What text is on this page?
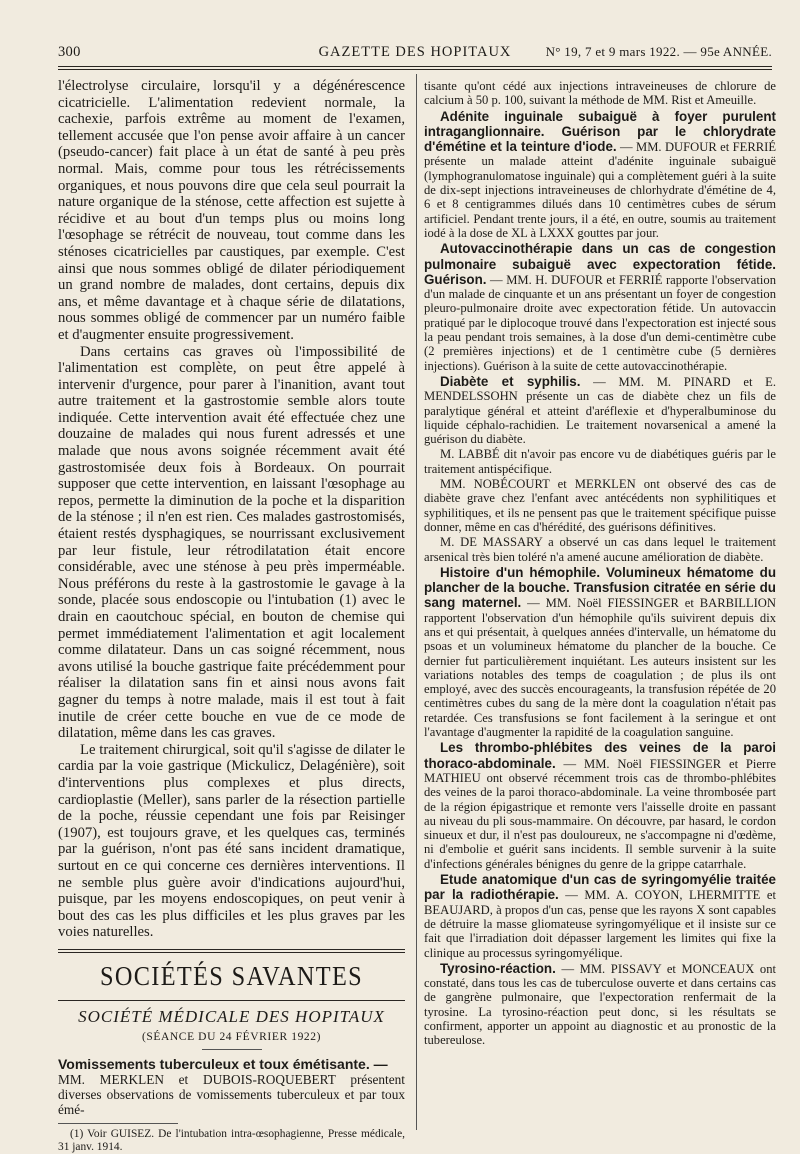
300	GAZETTE DES HOPITAUX	N° 19, 7 et 9 mars 1922. — 95e ANNÉE.

l'électrolyse circulaire, lorsqu'il y a dégénérescence cicatricielle. L'alimentation redevient normale, la cachexie, parfois extrême au moment de l'examen, tellement accusée que l'on pense avoir affaire à un cancer (pseudo-cancer) fait place à un état de santé à peu près normal. Mais, comme pour tous les rétrécissements organiques, et nous pouvons dire que cela seul pourrait la nature organique de la sténose, cette affection est sujette à récidive et au bout d'un temps plus ou moins long l'œsophage se rétrécit de nouveau, tout comme dans les sténoses cicatricielles par caustiques, par exemple. C'est ainsi que nous sommes obligé de dilater périodiquement un grand nombre de malades, dont certains, depuis dix ans, et même davantage et à chaque série de dilatations, nous sommes obligé de commencer par un numéro faible et d'augmenter ensuite progressivement.

Dans certains cas graves où l'impossibilité de l'alimentation est complète, on peut être appelé à intervenir d'urgence, pour parer à l'inanition, avant tout autre traitement et la gastrostomie semble alors toute indiquée. Cette intervention avait été effectuée chez une douzaine de malades qui nous furent adressés et une malade que nous avons soignée récemment avait été gastrostomisée deux fois à Bordeaux. On pourrait supposer que cette intervention, en laissant l'œsophage au repos, permette la diminution de la poche et la disparition de la sténose ; il n'en est rien. Ces malades gastrostomisés, étaient restés dysphagiques, se nourrissant exclusivement par leur fistule, leur rétrodilatation était encore considérable, avec une sténose à peu près imperméable. Nous préférons du reste à la gastrostomie le gavage à la sonde, placée sous endoscopie ou l'intubation (1) avec le drain en caoutchouc spécial, en bouton de chemise qui permet immédiatement l'alimentation et agit localement comme dilatateur. Dans un cas soigné récemment, nous avons utilisé la bouche gastrique faite précédemment pour réaliser la dilatation sans fin et ainsi nous avons fait gagner du temps à notre malade, mais il est tout à fait inutile de créer cette bouche en vue de ce mode de dilatation, même dans les cas graves.

Le traitement chirurgical, soit qu'il s'agisse de dilater le cardia par la voie gastrique (Mickulicz, Delagénière), soit d'interventions plus complexes et plus directs, cardioplastie (Meller), sans parler de la résection partielle de la poche, réussie cependant une fois par Reisinger (1907), est toujours grave, et les quelques cas, terminés par la guérison, n'ont pas été sans incident dramatique, surtout en ce qui concerne ces dernières interventions. Il ne semble plus guère avoir d'indications aujourd'hui, puisque, par les moyens endoscopiques, on peut venir à bout des cas les plus difficiles et les plus graves par les voies naturelles.

SOCIÉTÉS SAVANTES
SOCIÉTÉ MÉDICALE DES HOPITAUX
(SÉANCE DU 24 FÉVRIER 1922)
Vomissements tuberculeux et toux émétisante. —

MM. MERKLEN et DUBOIS-ROQUEBERT présentent diverses observations de vomissements tuberculeux et par toux émé-

(1) Voir GUISEZ. De l'intubation intra-œsophagienne, Presse médicale, 31 janv. 1914.

tisante qu'ont cédé aux injections intraveineuses de chlorure de calcium à 50 p. 100, suivant la méthode de MM. Rist et Ameuille.

Adénite inguinale subaiguë à foyer purulent intraganglionnaire. Guérison par le chlorydrate d'émétine et la teinture d'iode. — MM. DUFOUR et FERRIÉ présente un malade atteint d'adénite inguinale subaiguë (lymphogranulomatose inguinale) qui a complètement guéri à la suite de dix-sept injections intraveineuses de chlorhydrate d'émétine de 4, 6 et 8 centigrammes dilués dans 10 centimètres cubes de sérum artificiel. Pendant trente jours, il a été, en outre, soumis au traitement iodé à la dose de XL à LXXX gouttes par jour.

Autovaccinothérapie dans un cas de congestion pulmonaire subaiguë avec expectoration fétide. Guérison. — MM. H. DUFOUR et FERRIÉ rapporte l'observation d'un malade de cinquante et un ans présentant un foyer de congestion pleuro-pulmonaire droite avec expectoration fétide. Un autovaccin pratiqué par le diplocoque trouvé dans l'expectoration est injecté sous la peau pendant trois semaines, à la dose d'un demi-centimètre cube (2 premières injections) et de 1 centimètre cube (5 dernières injections). Guérison à la suite de cette autovaccinothérapie.

Diabète et syphilis. — MM. M. PINARD et E. MENDELSSOHN présente un cas de diabète chez un fils de paralytique général et atteint d'aréflexie et d'hyperalbuminose du liquide céphalo-rachidien. Le traitement novarsenical a amené la guérison du diabète.

M. LABBÉ dit n'avoir pas encore vu de diabétiques guéris par le traitement antispécifique.

MM. NOBÉCOURT et MERKLEN ont observé des cas de diabète grave chez l'enfant avec antécédents non syphilitiques et syphilitiques, et ils ne pensent pas que le traitement spécifique puisse donner, même en cas d'hérédité, des guérisons définitives.

M. DE MASSARY a observé un cas dans lequel le traitement arsenical très bien toléré n'a amené aucune amélioration de diabète.

Histoire d'un hémophile. Volumineux hématome du plancher de la bouche. Transfusion citratée en série du sang maternel. — MM. Noël FIESSINGER et BARBILLION rapportent l'observation d'un hémophile qu'ils suivirent depuis dix ans et qui présentait, à quelques années d'intervalle, un hématome du psoas et un volumineux hématome du plancher de la bouche. Ce dernier fut particulièrement inquiétant. Les auteurs insistent sur les variations notables des temps de coagulation ; de plus ils ont employé, avec des succès encourageants, la transfusion répétée de 20 centimètres cubes du sang de la mère dont la coagulation n'était pas retardée. Ces transfusions se font facilement à la seringue et ont l'avantage d'augmenter la rapidité de la coagulation sanguine.

Les thrombo-phlébites des veines de la paroi thoraco-abdominale. — MM. Noël FIESSINGER et Pierre MATHIEU ont observé récemment trois cas de thrombo-phlébites des veines de la paroi thoraco-abdominale. La veine thrombosée part de la région épigastrique et remonte vers l'aisselle droite en passant au niveau du pli sous-mammaire. On découvre, par hasard, le cordon sinueux et dur, il n'est pas douloureux, ne s'accompagne ni d'œdème, ni d'embolie et guérit sans incidents. Il semble survenir à la suite d'infections générales bénignes du genre de la grippe catarrhale.

Etude anatomique d'un cas de syringomyélie traitée par la radiothérapie. — MM. A. COYON, LHERMITTE et BEAUJARD, à propos d'un cas, pense que les rayons X sont capables de détruire la masse gliomateuse syringomyélique et il insiste sur ce fait que l'irradiation doit dépasser largement les limites qui fixe la clinique au processus syringomyélique.

Tyrosino-réaction. — MM. PISSAVY et MONCEAUX ont constaté, dans tous les cas de tuberculose ouverte et dans certains cas de gangrène pulmonaire, que l'expectoration renfermait de la tyrosine. La tyrosino-réaction peut donc, si les résultats se confirment, apporter un appoint au diagnostic et au pronostic de la tubereulose.
